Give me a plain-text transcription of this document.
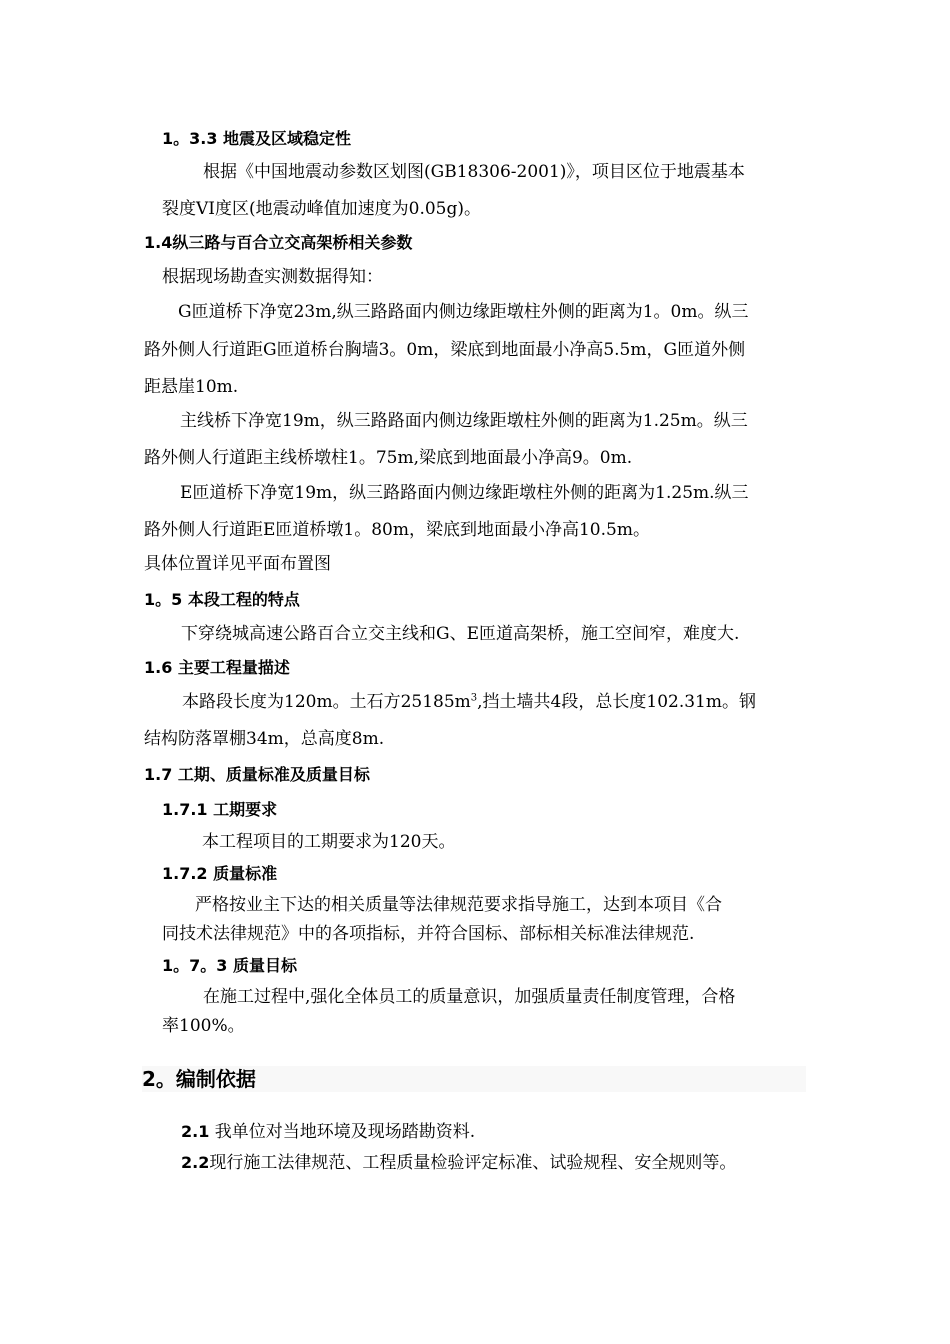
1。3.3 地震及区域稳定性
根据《中国地震动参数区划图(GB18306-2001)》，项目区位于地震基本
裂度VI度区(地震动峰值加速度为0.05g)。
1.4纵三路与百合立交高架桥相关参数
根据现场勘查实测数据得知：
G匝道桥下净宽23m,纵三路路面内侧边缘距墩柱外侧的距离为1。0m。纵三
路外侧人行道距G匝道桥台胸墙3。0m，梁底到地面最小净高5.5m，G匝道外侧
距悬崖10m.
主线桥下净宽19m，纵三路路面内侧边缘距墩柱外侧的距离为1.25m。纵三
路外侧人行道距主线桥墩柱1。75m,梁底到地面最小净高9。0m.
E匝道桥下净宽19m，纵三路路面内侧边缘距墩柱外侧的距离为1.25m.纵三
路外侧人行道距E匝道桥墩1。80m，梁底到地面最小净高10.5m。
具体位置详见平面布置图
1。5 本段工程的特点
下穿绕城高速公路百合立交主线和G、E匝道高架桥，施工空间窄，难度大.
1.6 主要工程量描述
本路段长度为120m。土石方$25185m^3$,挡土墙共4段，总长度102.31m。钢
结构防落罩棚34m，总高度8m.
1.7 工期、质量标准及质量目标
1.7.1 工期要求
本工程项目的工期要求为120天。
1.7.2 质量标准
严格按业主下达的相关质量等法律规范要求指导施工，达到本项目《合
同技术法律规范》中的各项指标，并符合国标、部标相关标准法律规范.
1。7。3 质量目标
在施工过程中,强化全体员工的质量意识，加强质量责任制度管理，合格
率100%。
2。编制依据
2.1 我单位对当地环境及现场踏勘资料.
2.2现行施工法律规范、工程质量检验评定标准、试验规程、安全规则等。
